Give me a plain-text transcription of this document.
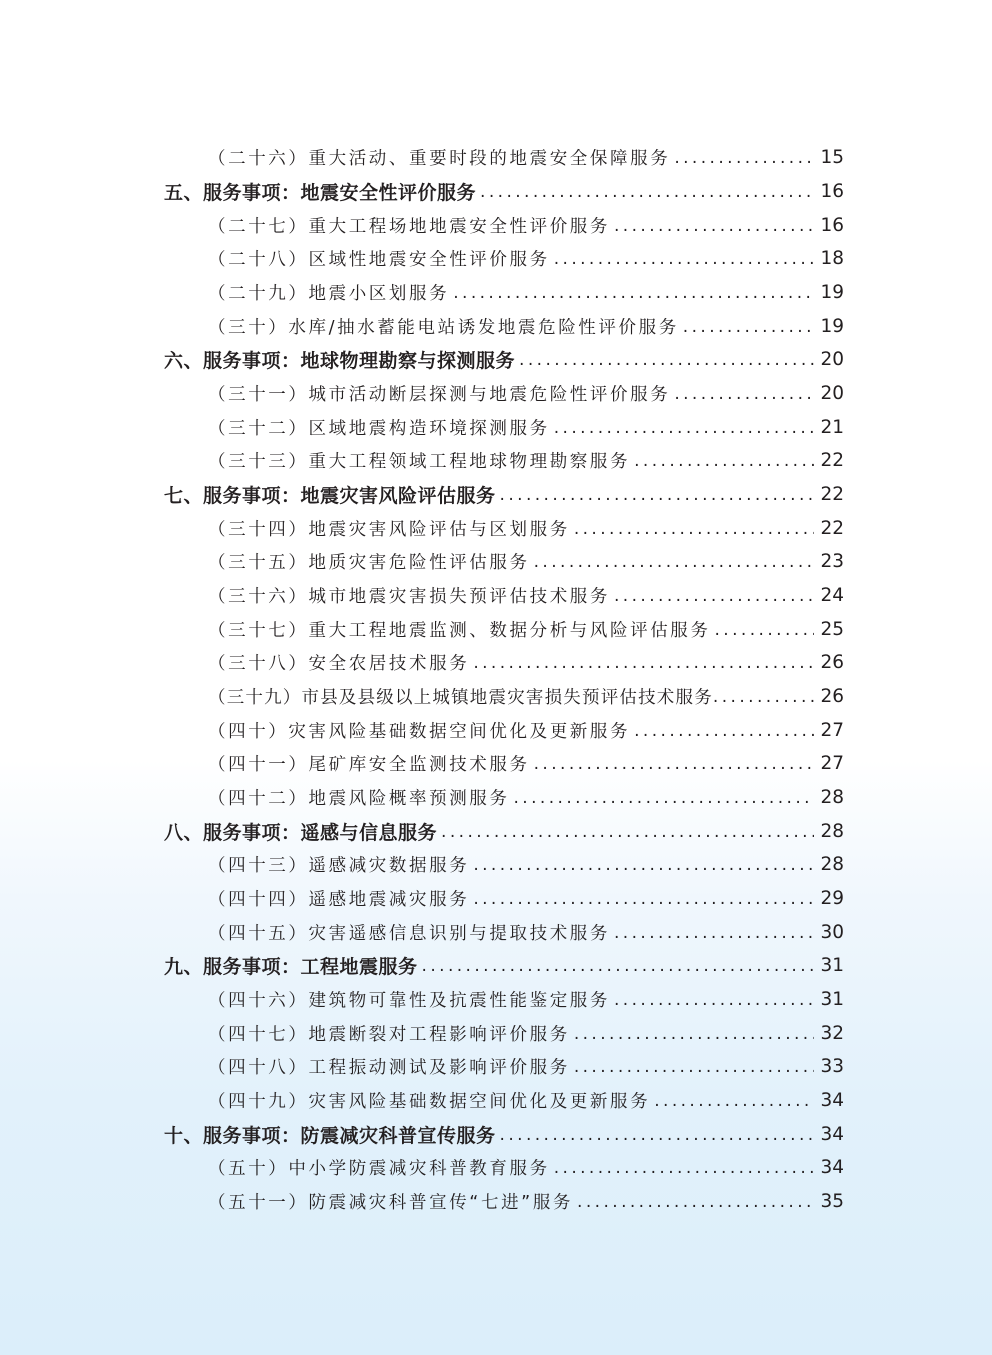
（二十六）重大活动、重要时段的地震安全保障服务 . . .	15
五、服务事项：地震安全性评价服务 . . .	16
（二十七）重大工程场地地震安全性评价服务 . . .	16
（二十八）区域性地震安全性评价服务 . . .	18
（二十九）地震小区划服务 . . .	19
（三十）水库/抽水蓄能电站诱发地震危险性评价服务 . . .	19
六、服务事项：地球物理勘察与探测服务 . . .	20
（三十一）城市活动断层探测与地震危险性评价服务 . . .	20
（三十二）区域地震构造环境探测服务 . . .	21
（三十三）重大工程领域工程地球物理勘察服务 . . .	22
七、服务事项：地震灾害风险评估服务 . . .	22
（三十四）地震灾害风险评估与区划服务 . . .	22
（三十五）地质灾害危险性评估服务 . . .	23
（三十六）城市地震灾害损失预评估技术服务 . . .	24
（三十七）重大工程地震监测、数据分析与风险评估服务 . . .	25
（三十八）安全农居技术服务 . . .	26
（三十九）市县及县级以上城镇地震灾害损失预评估技术服务 . . .	26
（四十）灾害风险基础数据空间优化及更新服务 . . .	27
（四十一）尾矿库安全监测技术服务 . . .	27
（四十二）地震风险概率预测服务 . . .	28
八、服务事项：遥感与信息服务 . . .	28
（四十三）遥感减灾数据服务 . . .	28
（四十四）遥感地震减灾服务 . . .	29
（四十五）灾害遥感信息识别与提取技术服务 . . .	30
九、服务事项：工程地震服务 . . .	31
（四十六）建筑物可靠性及抗震性能鉴定服务 . . .	31
（四十七）地震断裂对工程影响评价服务 . . .	32
（四十八）工程振动测试及影响评价服务 . . .	33
（四十九）灾害风险基础数据空间优化及更新服务 . . .	34
十、服务事项：防震减灾科普宣传服务 . . .	34
（五十）中小学防震减灾科普教育服务 . . .	34
（五十一）防震减灾科普宣传“七进”服务 . . .	35
